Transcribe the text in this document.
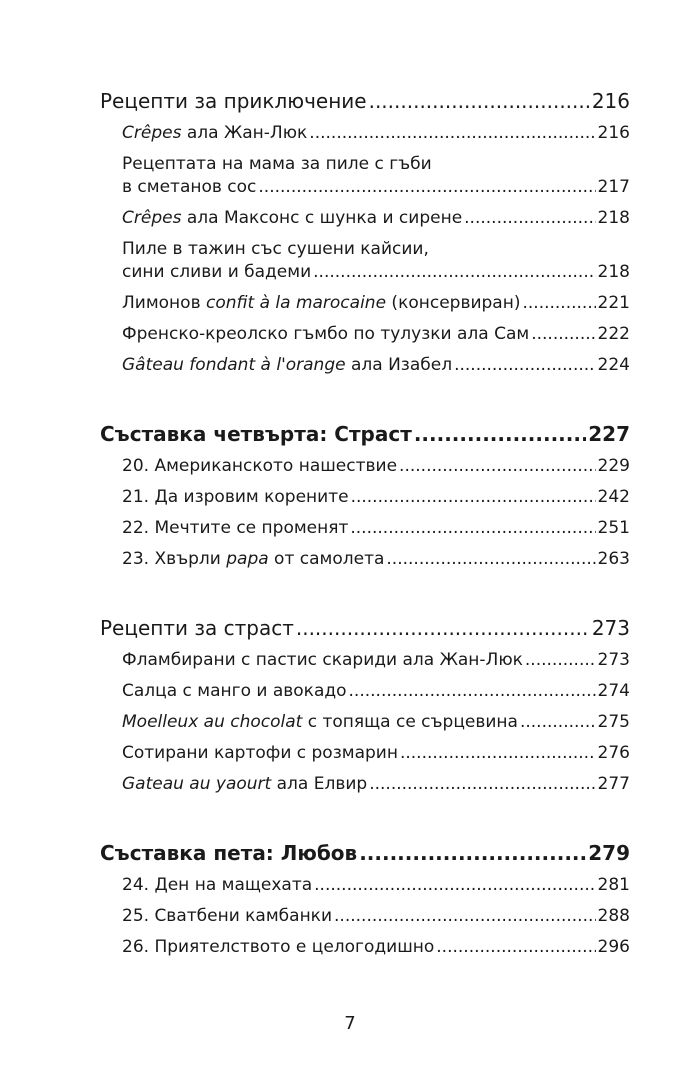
Рецепти за приключение .....	216
Crêpes ала Жан-Люк .....	216
Рецептата на мама за пиле с гъби
в сметанов сос .....	217
Crêpes ала Максонс с шунка и сирене .....	218
Пиле в тажин със сушени кайсии,
сини сливи и бадеми .....	218
Лимонов confit à la marocaine (консервиран) .....	221
Френско-креолско гъмбо по тулузки ала Сам .....	222
Gâteau fondant à l'orange ала Изабел .....	224
Съставка четвърта: Страст .....	227
20. Американското нашествие .....	229
21. Да изровим корените .....	242
22. Мечтите се променят .....	251
23. Хвърли papa от самолета .....	263
Рецепти за страст .....	273
Фламбирани с пастис скариди ала Жан-Люк .....	273
Салца с манго и авокадо .....	274
Moelleux au chocolat с топяща се сърцевина .....	275
Сотирани картофи с розмарин .....	276
Gateau au yaourt ала Елвир .....	277
Съставка пета: Любов .....	279
24. Ден на мащехата .....	281
25. Сватбени камбанки .....	288
26. Приятелството е целогодишно .....	296
7
